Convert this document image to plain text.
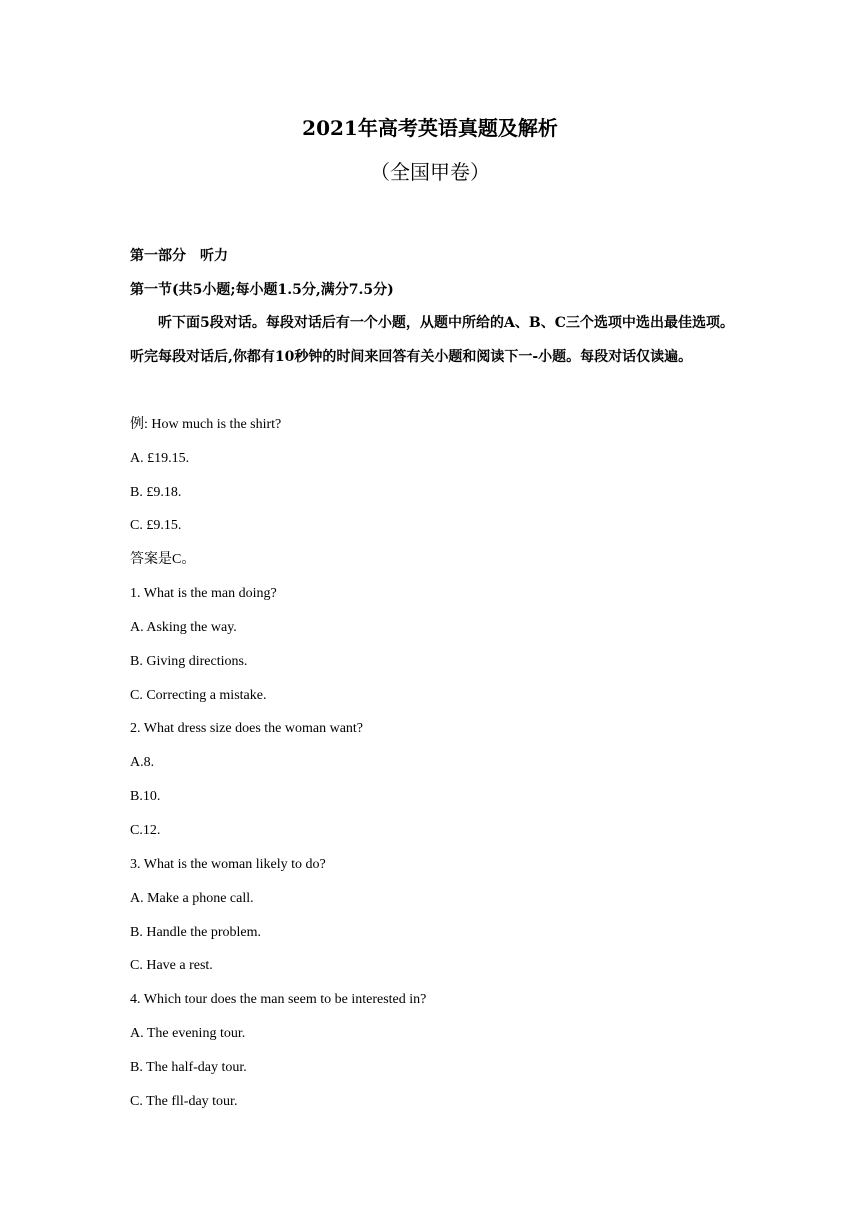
2021年高考英语真题及解析
（全国甲卷）
第一部分　听力
第一节(共5小题;每小题1.5分,满分7.5分)
听下面5段对话。每段对话后有一个小题，从题中所给的A、B、C三个选项中选出最佳选项。听完每段对话后,你都有10秒钟的时间来回答有关小题和阅读下一-小题。每段对话仅读遍。
例: How much is the shirt?
A. £19.15.
B. £9.18.
C. £9.15.
答案是C。
1. What is the man doing?
A. Asking the way.
B. Giving directions.
C. Correcting a mistake.
2. What dress size does the woman want?
A.8.
B.10.
C.12.
3. What is the woman likely to do?
A. Make a phone call.
B. Handle the problem.
C. Have a rest.
4. Which tour does the man seem to be interested in?
A. The evening tour.
B. The half-day tour.
C. The fll-day tour.
